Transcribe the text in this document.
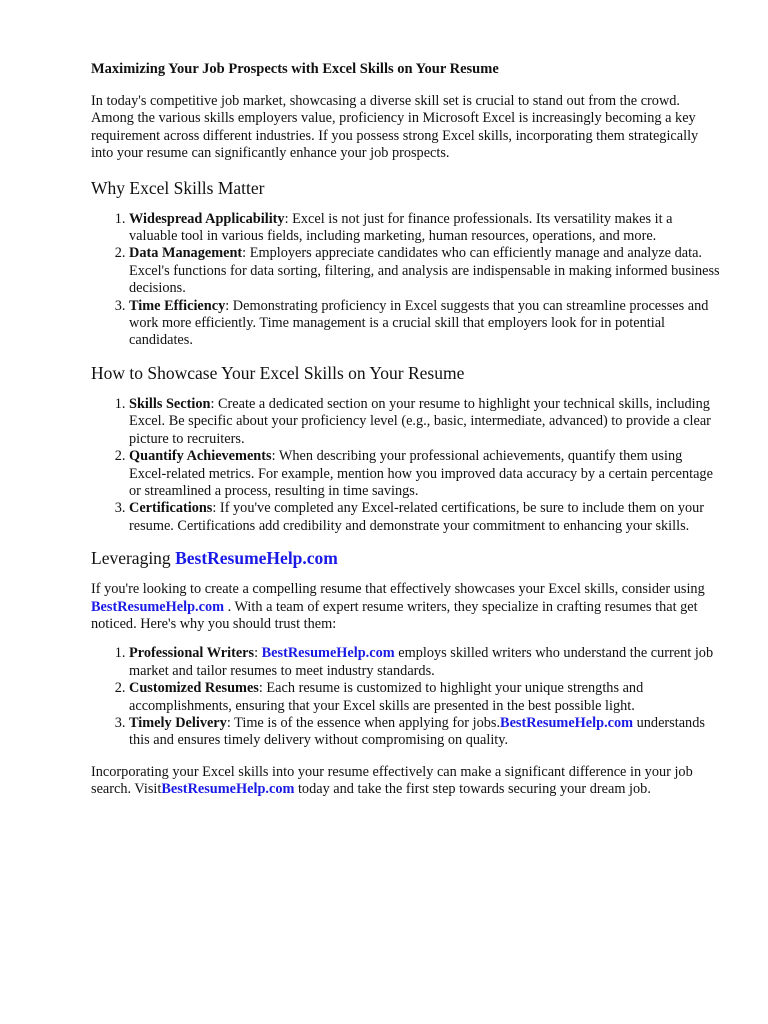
Maximizing Your Job Prospects with Excel Skills on Your Resume

In today's competitive job market, showcasing a diverse skill set is crucial to stand out from the crowd. Among the various skills employers value, proficiency in Microsoft Excel is increasingly becoming a key requirement across different industries. If you possess strong Excel skills, incorporating them strategically into your resume can significantly enhance your job prospects.

Why Excel Skills Matter
1. Widespread Applicability: Excel is not just for finance professionals. Its versatility makes it a valuable tool in various fields, including marketing, human resources, operations, and more.
2. Data Management: Employers appreciate candidates who can efficiently manage and analyze data. Excel's functions for data sorting, filtering, and analysis are indispensable in making informed business decisions.
3. Time Efficiency: Demonstrating proficiency in Excel suggests that you can streamline processes and work more efficiently. Time management is a crucial skill that employers look for in potential candidates.
How to Showcase Your Excel Skills on Your Resume
1. Skills Section: Create a dedicated section on your resume to highlight your technical skills, including Excel. Be specific about your proficiency level (e.g., basic, intermediate, advanced) to provide a clear picture to recruiters.
2. Quantify Achievements: When describing your professional achievements, quantify them using Excel-related metrics. For example, mention how you improved data accuracy by a certain percentage or streamlined a process, resulting in time savings.
3. Certifications: If you've completed any Excel-related certifications, be sure to include them on your resume. Certifications add credibility and demonstrate your commitment to enhancing your skills.
Leveraging BestResumeHelp.com

If you're looking to create a compelling resume that effectively showcases your Excel skills, consider using BestResumeHelp.com . With a team of expert resume writers, they specialize in crafting resumes that get noticed. Here's why you should trust them:

1. Professional Writers: BestResumeHelp.com employs skilled writers who understand the current job market and tailor resumes to meet industry standards.
2. Customized Resumes: Each resume is customized to highlight your unique strengths and accomplishments, ensuring that your Excel skills are presented in the best possible light.
3. Timely Delivery: Time is of the essence when applying for jobs.BestResumeHelp.com understands this and ensures timely delivery without compromising on quality.

Incorporating your Excel skills into your resume effectively can make a significant difference in your job search. VisitBestResumeHelp.com today and take the first step towards securing your dream job.
